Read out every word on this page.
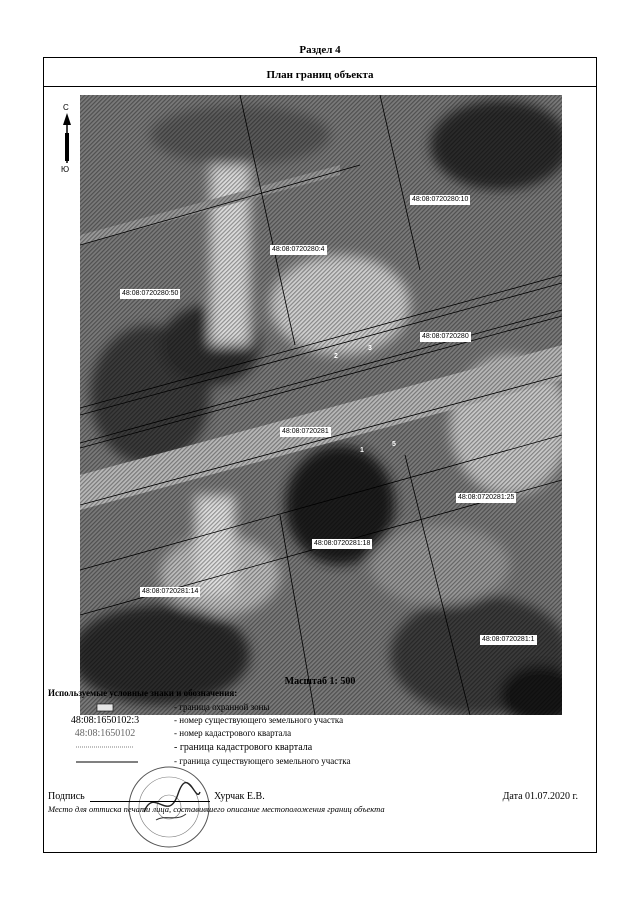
Раздел 4
План границ объекта
С
Ю
48:08:0720280:10
48:08:0720280:4
48:08:0720280:50
48:08:0720280
48:08:0720281
48:08:0720281:25
48:08:0720281:18
48:08:0720281:14
48:08:0720281:1
2
3
1
5
Масштаб 1: 500
Используемые условные знаки и обозначения:
- граница охранной зоны
48:08:1650102:3	- номер существующего земельного участка
48:08:1650102	- номер кадастрового квартала
- граница кадастрового квартала
- граница существующего земельного участка
Подпись	Хурчак Е.В.	Дата 01.07.2020 г.
Место для оттиска печати лица, составившего описание местоположения границ объекта
